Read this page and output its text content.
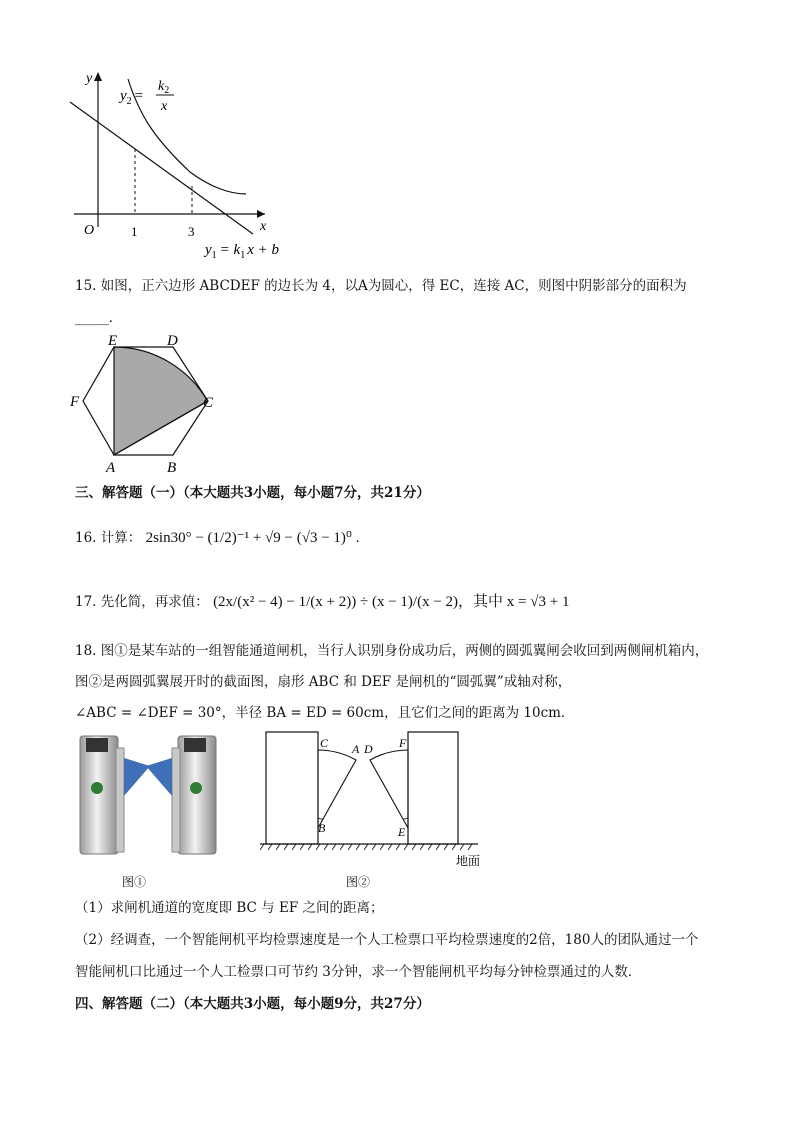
y
x
O	1	3
$y_2$ =
$k_2$
x
$y_1 = k_1$ x + b
15. 如图，正六边形 ABCDEF 的边长为 4，以A为圆心，得 EC，连接 AC，则图中阴影部分的面积为
_____．
E	D
F	C
A	B
三、解答题（一）（本大题共3小题，每小题7分，共21分）
16. 计算： 2sin30° − (1/2)⁻¹ + √9 − (√3 − 1)⁰ .
17. 先化简，再求值： (2x/(x² − 4) − 1/(x + 2)) ÷ (x − 1)/(x − 2)，其中 x = √3 + 1
18. 图①是某车站的一组智能通道闸机，当行人识别身份成功后，两侧的圆弧翼闸会收回到两侧闸机箱内，
图②是两圆弧翼展开时的截面图，扇形 ABC 和 DEF 是闸机的“圆弧翼”成轴对称，
∠ABC = ∠DEF = 30°，半径 BA = ED = 60cm，且它们之间的距离为 10cm．
图①
C A D F
B	E
地面
图②
（1）求闸机通道的宽度即 BC 与 EF 之间的距离；
（2）经调查，一个智能闸机平均检票速度是一个人工检票口平均检票速度的2倍，180人的团队通过一个
智能闸机口比通过一个人工检票口可节约 3分钟，求一个智能闸机平均每分钟检票通过的人数．
四、解答题（二）（本大题共3小题，每小题9分，共27分）
